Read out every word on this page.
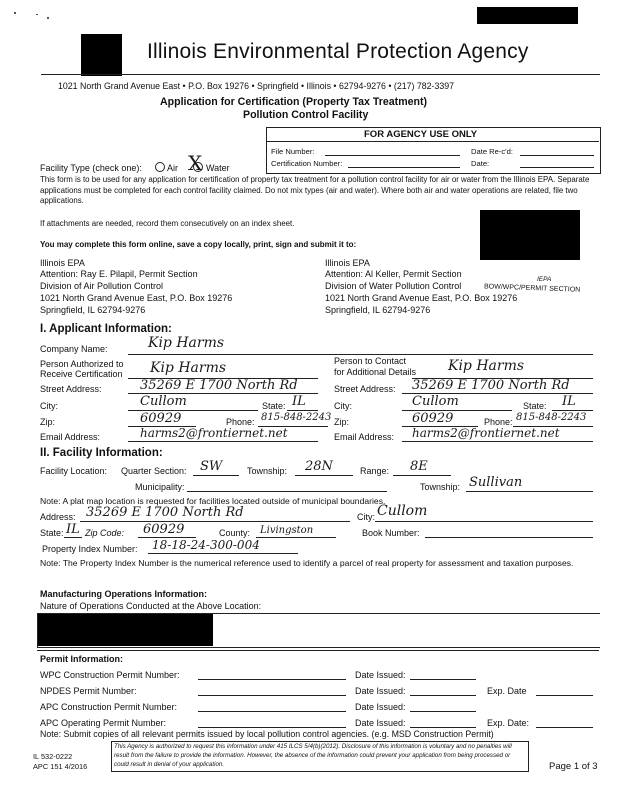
Illinois Environmental Protection Agency
1021 North Grand Avenue East • P.O. Box 19276 • Springfield • Illinois • 62794-9276 • (217) 782-3397
Application for Certification (Property Tax Treatment)
Pollution Control Facility
FOR AGENCY USE ONLY
File Number:	Date Re-c'd:
Certification Number:	Date:
Facility Type (check one):	Air X Water
This form is to be used for any application for certification of property tax treatment for a pollution control facility for air or water from the Illinois EPA. Separate applications must be completed for each control facility claimed. Do not mix types (air and water). Where both air and water operations are related, file two applications.
If attachments are needed, record them consecutively on an index sheet.
You may complete this form online, save a copy locally, print, sign and submit it to:
Illinois EPA
Attention: Ray E. Pilapil, Permit Section
Division of Air Pollution Control
1021 North Grand Avenue East, P.O. Box 19276
Springfield, IL 62794-9276
Illinois EPA
Attention: Al Keller, Permit Section
Division of Water Pollution Control
1021 North Grand Avenue East, P.O. Box 19276
Springfield, IL 62794-9276
IEPA
BOW/WPC/PERMIT SECTION
I. Applicant Information:
Company Name:	Kip Harms
Person Authorized to
Receive Certification Kip Harms	Person to Contact
for Additional Details Kip Harms
Street Address:	35269 E 1700 North Rd	Street Address: 35269 E 1700 North Rd
City:	Cullom	State: IL	City:	Cullom	State: IL
Zip:	60929	Phone: 815-848-2243 Zip:	60929	Phone: 815-848-2243
Email Address:	harms2@frontiernet.net	Email Address: harms2@frontiernet.net
II. Facility Information:
Facility Location: Quarter Section: SW	Township: 28N	Range: 8E
Municipality:	Township: Sullivan
Note: A plat map location is requested for facilities located outside of municipal boundaries.
Address: 35269 E 1700 North Rd	City: Cullom
State: IL Zip Code: 60929	County: Livingston	Book Number:
Property Index Number: 18-18-24-300-004
Note: The Property Index Number is the numerical reference used to identify a parcel of real property for assessment and taxation purposes.
Manufacturing Operations Information:
Nature of Operations Conducted at the Above Location:
Permit Information:
WPC Construction Permit Number:	Date Issued:
NPDES Permit Number:	Date Issued:	Exp. Date
APC Construction Permit Number:	Date Issued:
APC Operating Permit Number:	Date Issued:	Exp. Date:
Note: Submit copies of all relevant permits issued by local pollution control agencies. (e.g. MSD Construction Permit)
IL 532-0222
APC 151 4/2016
This Agency is authorized to request this information under 415 ILCS 5/4(b)(2012). Disclosure of this information is voluntary and no penalties will result from the failure to provide the information. However, the absence of the information could prevent your application from being processed or could result in denial of your application.	Page 1 of 3
